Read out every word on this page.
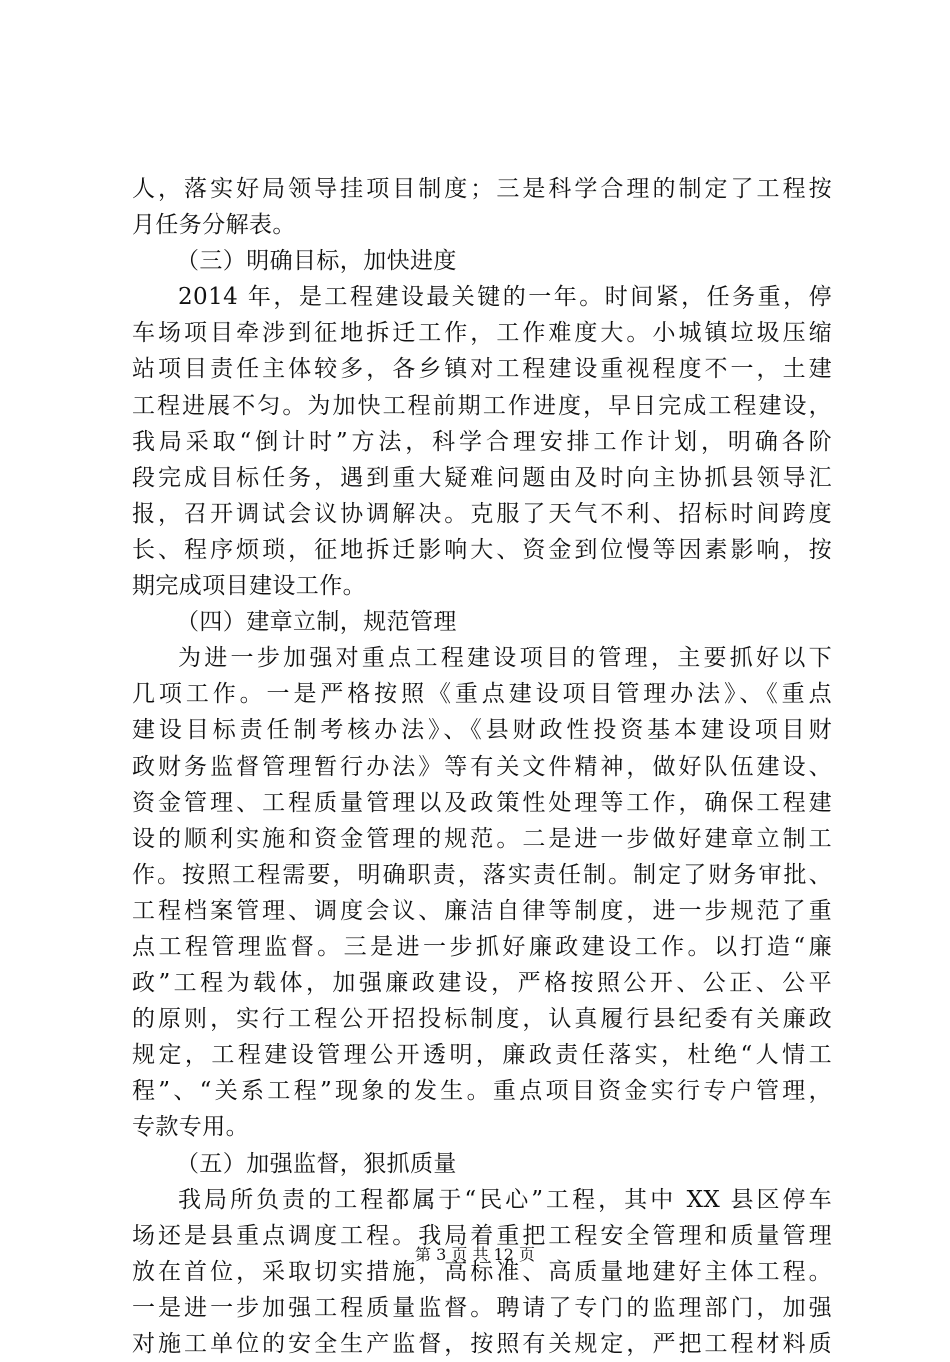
人，落实好局领导挂项目制度；三是科学合理的制定了工程按
月任务分解表。
（三）明确目标，加快进度
2014 年，是工程建设最关键的一年。时间紧，任务重，停
车场项目牵涉到征地拆迁工作，工作难度大。小城镇垃圾压缩
站项目责任主体较多，各乡镇对工程建设重视程度不一，土建
工程进展不匀。为加快工程前期工作进度，早日完成工程建设，
我局采取“倒计时”方法，科学合理安排工作计划，明确各阶
段完成目标任务，遇到重大疑难问题由及时向主协抓县领导汇
报，召开调试会议协调解决。克服了天气不利、招标时间跨度
长、程序烦琐，征地拆迁影响大、资金到位慢等因素影响，按
期完成项目建设工作。
（四）建章立制，规范管理
为进一步加强对重点工程建设项目的管理，主要抓好以下
几项工作。一是严格按照《重点建设项目管理办法》、《重点
建设目标责任制考核办法》、《县财政性投资基本建设项目财
政财务监督管理暂行办法》等有关文件精神，做好队伍建设、
资金管理、工程质量管理以及政策性处理等工作，确保工程建
设的顺利实施和资金管理的规范。二是进一步做好建章立制工
作。按照工程需要，明确职责，落实责任制。制定了财务审批、
工程档案管理、调度会议、廉洁自律等制度，进一步规范了重
点工程管理监督。三是进一步抓好廉政建设工作。以打造“廉
政”工程为载体，加强廉政建设，严格按照公开、公正、公平
的原则，实行工程公开招投标制度，认真履行县纪委有关廉政
规定，工程建设管理公开透明，廉政责任落实，杜绝“人情工
程”、“关系工程”现象的发生。重点项目资金实行专户管理，
专款专用。
（五）加强监督，狠抓质量
我局所负责的工程都属于“民心”工程，其中 XX 县区停车
场还是县重点调度工程。我局着重把工程安全管理和质量管理
放在首位，采取切实措施，高标准、高质量地建好主体工程。
一是进一步加强工程质量监督。聘请了专门的监理部门，加强
对施工单位的安全生产监督，按照有关规定，严把工程材料质
第 3 页 共 12 页
